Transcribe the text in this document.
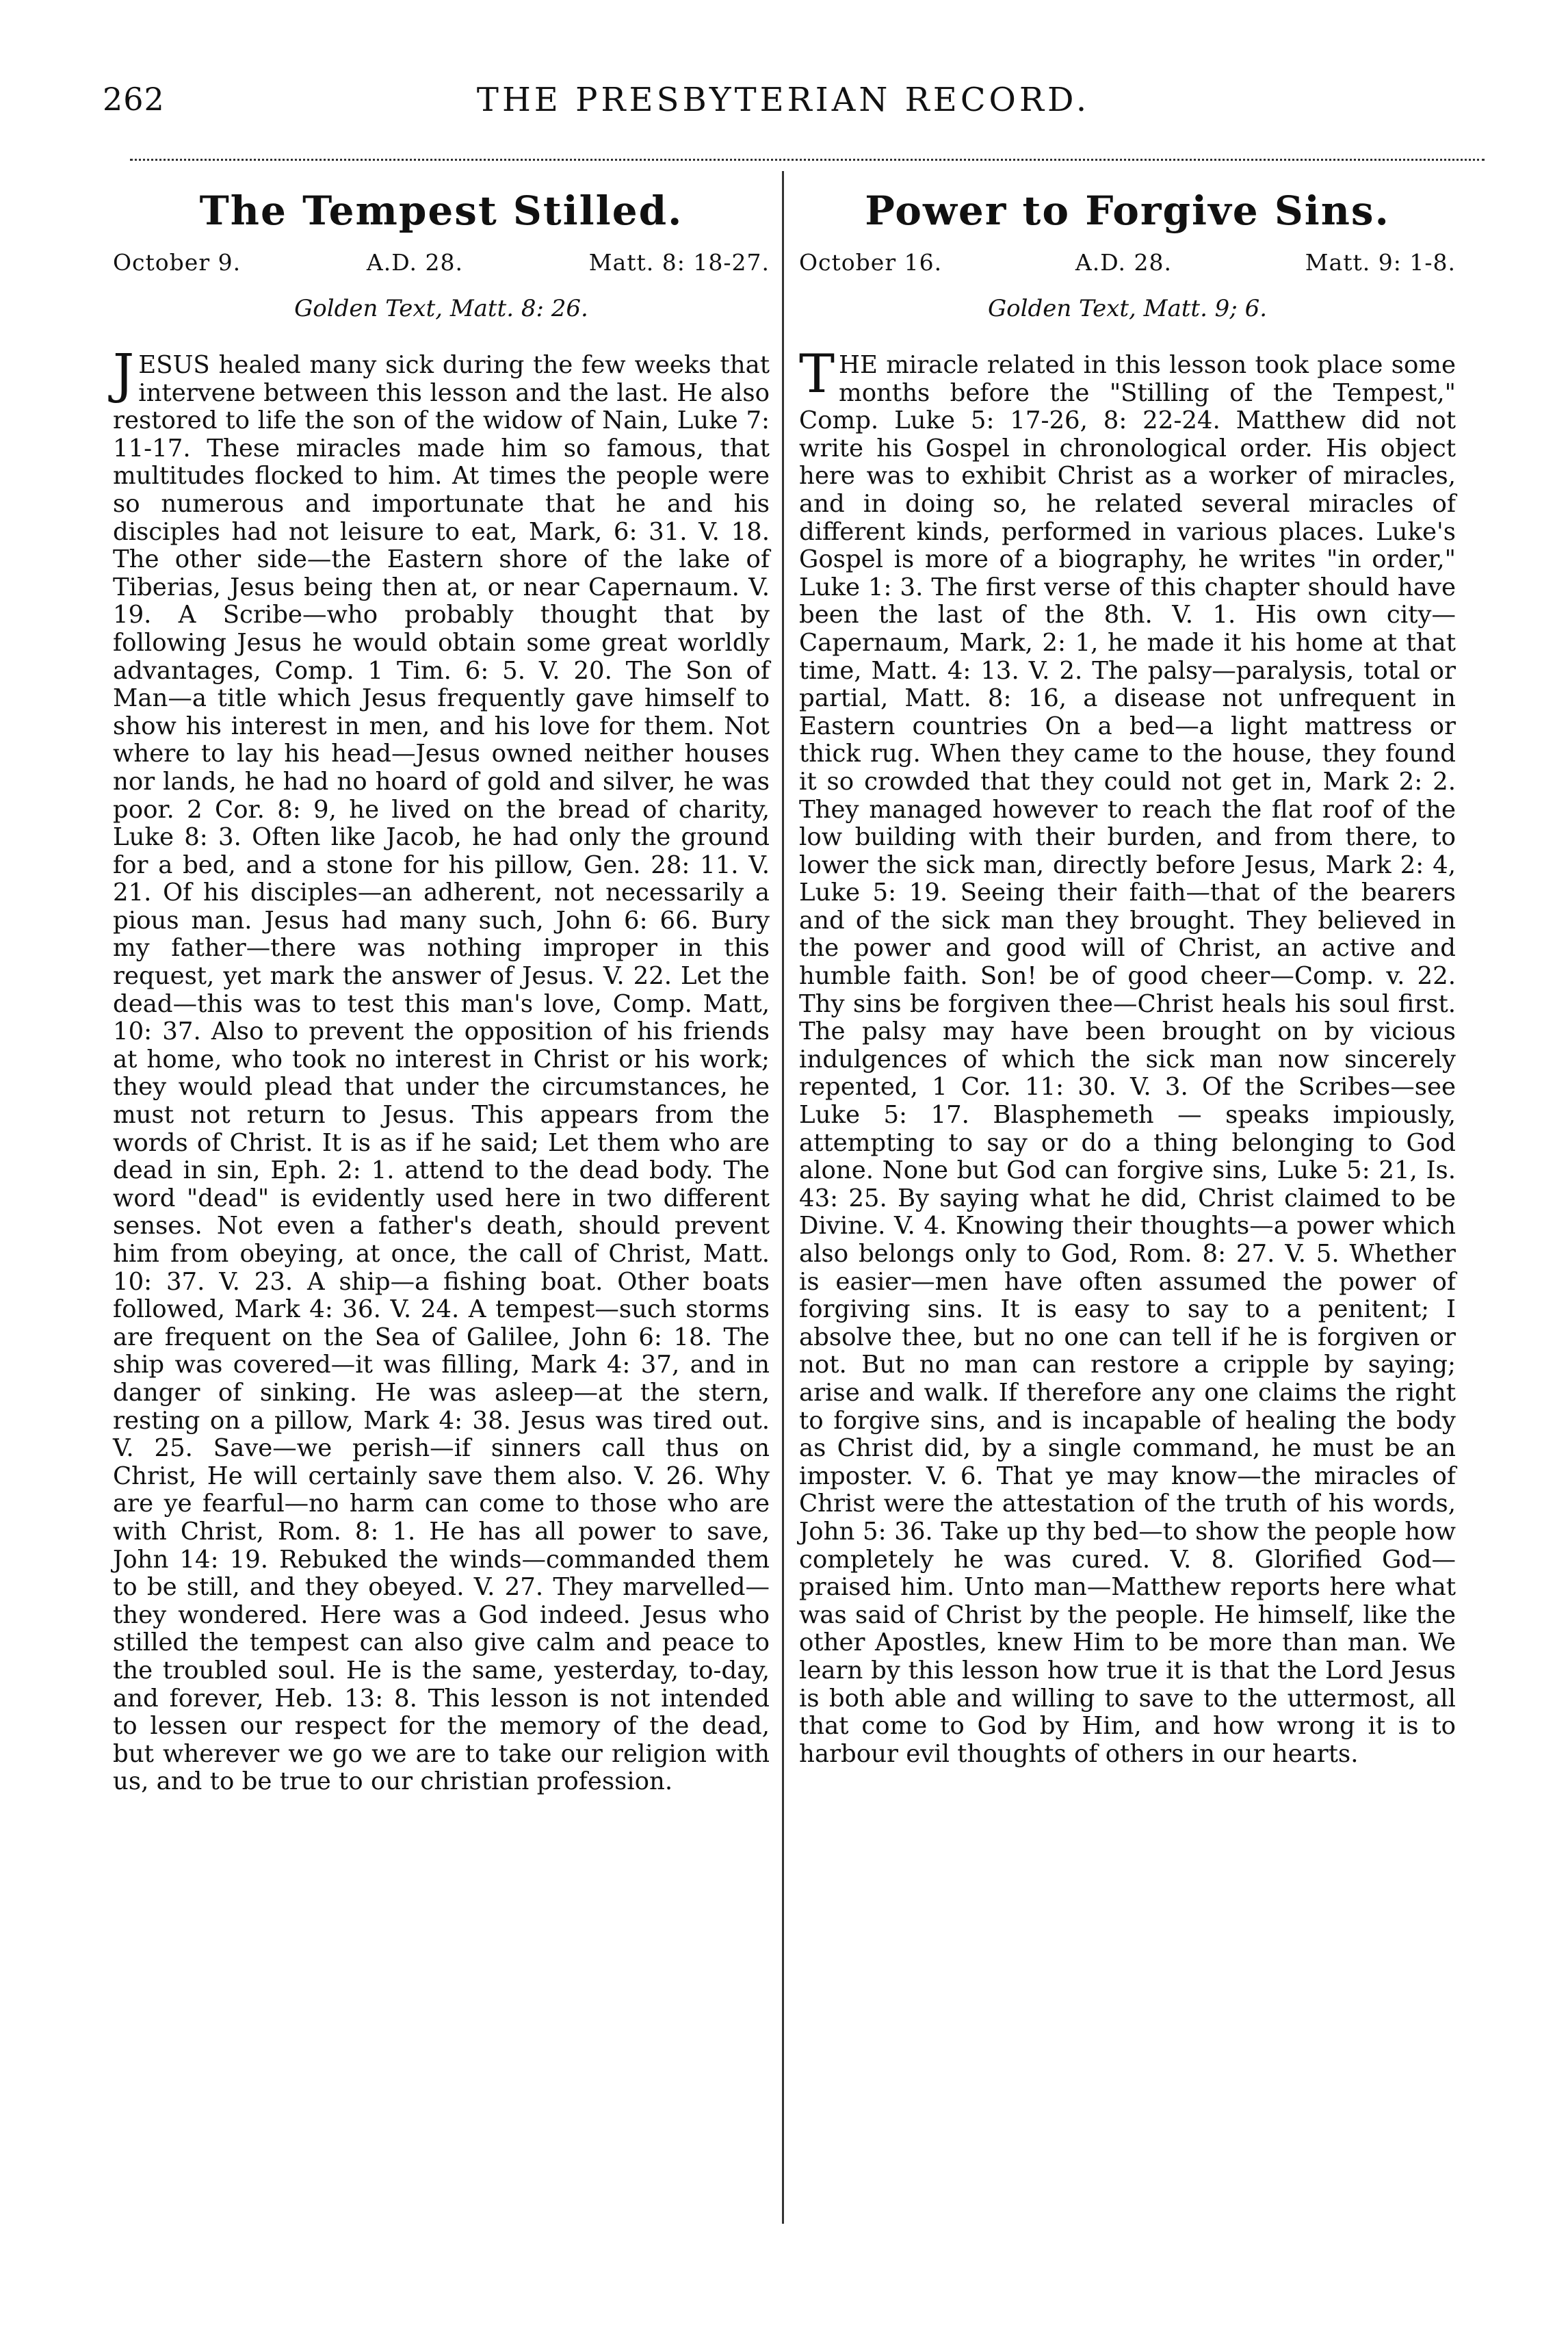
262	THE PRESBYTERIAN RECORD.
The Tempest Stilled.
October 9.	A.D. 28.	Matt. 8: 18-27.
Golden Text, Matt. 8: 26.

JESUS healed many sick during the few weeks that intervene between this lesson and the last. He also restored to life the son of the widow of Nain, Luke 7: 11-17. These miracles made him so famous, that multitudes flocked to him. At times the people were so numerous and importunate that he and his disciples had not leisure to eat, Mark, 6: 31. V. 18. The other side—the Eastern shore of the lake of Tiberias, Jesus being then at, or near Capernaum. V. 19. A Scribe—who probably thought that by following Jesus he would obtain some great worldly advantages, Comp. 1 Tim. 6: 5. V. 20. The Son of Man—a title which Jesus frequently gave himself to show his interest in men, and his love for them. Not where to lay his head—Jesus owned neither houses nor lands, he had no hoard of gold and silver, he was poor. 2 Cor. 8: 9, he lived on the bread of charity, Luke 8: 3. Often like Jacob, he had only the ground for a bed, and a stone for his pillow, Gen. 28: 11. V. 21. Of his disciples—an adherent, not necessarily a pious man. Jesus had many such, John 6: 66. Bury my father—there was nothing improper in this request, yet mark the answer of Jesus. V. 22. Let the dead—this was to test this man's love, Comp. Matt, 10: 37. Also to prevent the opposition of his friends at home, who took no interest in Christ or his work; they would plead that under the circumstances, he must not return to Jesus. This appears from the words of Christ. It is as if he said; Let them who are dead in sin, Eph. 2: 1. attend to the dead body. The word "dead" is evidently used here in two different senses. Not even a father's death, should prevent him from obeying, at once, the call of Christ, Matt. 10: 37. V. 23. A ship—a fishing boat. Other boats followed, Mark 4: 36. V. 24. A tempest—such storms are frequent on the Sea of Galilee, John 6: 18. The ship was covered—it was filling, Mark 4: 37, and in danger of sinking. He was asleep—at the stern, resting on a pillow, Mark 4: 38. Jesus was tired out. V. 25. Save—we perish—if sinners call thus on Christ, He will certainly save them also. V. 26. Why are ye fearful—no harm can come to those who are with Christ, Rom. 8: 1. He has all power to save, John 14: 19. Rebuked the winds—commanded them to be still, and they obeyed. V. 27. They marvelled—they wondered. Here was a God indeed. Jesus who stilled the tempest can also give calm and peace to the troubled soul. He is the same, yesterday, to-day, and forever, Heb. 13: 8. This lesson is not intended to lessen our respect for the memory of the dead, but wherever we go we are to take our religion with us, and to be true to our christian profession.

Power to Forgive Sins.
October 16.	A.D. 28.	Matt. 9: 1-8.
Golden Text, Matt. 9; 6.

THE miracle related in this lesson took place some months before the "Stilling of the Tempest," Comp. Luke 5: 17-26, 8: 22-24. Matthew did not write his Gospel in chronological order. His object here was to exhibit Christ as a worker of miracles, and in doing so, he related several miracles of different kinds, performed in various places. Luke's Gospel is more of a biography, he writes "in order," Luke 1: 3. The first verse of this chapter should have been the last of the 8th. V. 1. His own city—Capernaum, Mark, 2: 1, he made it his home at that time, Matt. 4: 13. V. 2. The palsy—paralysis, total or partial, Matt. 8: 16, a disease not unfrequent in Eastern countries On a bed—a light mattress or thick rug. When they came to the house, they found it so crowded that they could not get in, Mark 2: 2. They managed however to reach the flat roof of the low building with their burden, and from there, to lower the sick man, directly before Jesus, Mark 2: 4, Luke 5: 19. Seeing their faith—that of the bearers and of the sick man they brought. They believed in the power and good will of Christ, an active and humble faith. Son! be of good cheer—Comp. v. 22. Thy sins be forgiven thee—Christ heals his soul first. The palsy may have been brought on by vicious indulgences of which the sick man now sincerely repented, 1 Cor. 11: 30. V. 3. Of the Scribes—see Luke 5: 17. Blasphemeth — speaks impiously, attempting to say or do a thing belonging to God alone. None but God can forgive sins, Luke 5: 21, Is. 43: 25. By saying what he did, Christ claimed to be Divine. V. 4. Knowing their thoughts—a power which also belongs only to God, Rom. 8: 27. V. 5. Whether is easier—men have often assumed the power of forgiving sins. It is easy to say to a penitent; I absolve thee, but no one can tell if he is forgiven or not. But no man can restore a cripple by saying; arise and walk. If therefore any one claims the right to forgive sins, and is incapable of healing the body as Christ did, by a single command, he must be an imposter. V. 6. That ye may know—the miracles of Christ were the attestation of the truth of his words, John 5: 36. Take up thy bed—to show the people how completely he was cured. V. 8. Glorified God—praised him. Unto man—Matthew reports here what was said of Christ by the people. He himself, like the other Apostles, knew Him to be more than man. We learn by this lesson how true it is that the Lord Jesus is both able and willing to save to the uttermost, all that come to God by Him, and how wrong it is to harbour evil thoughts of others in our hearts.
